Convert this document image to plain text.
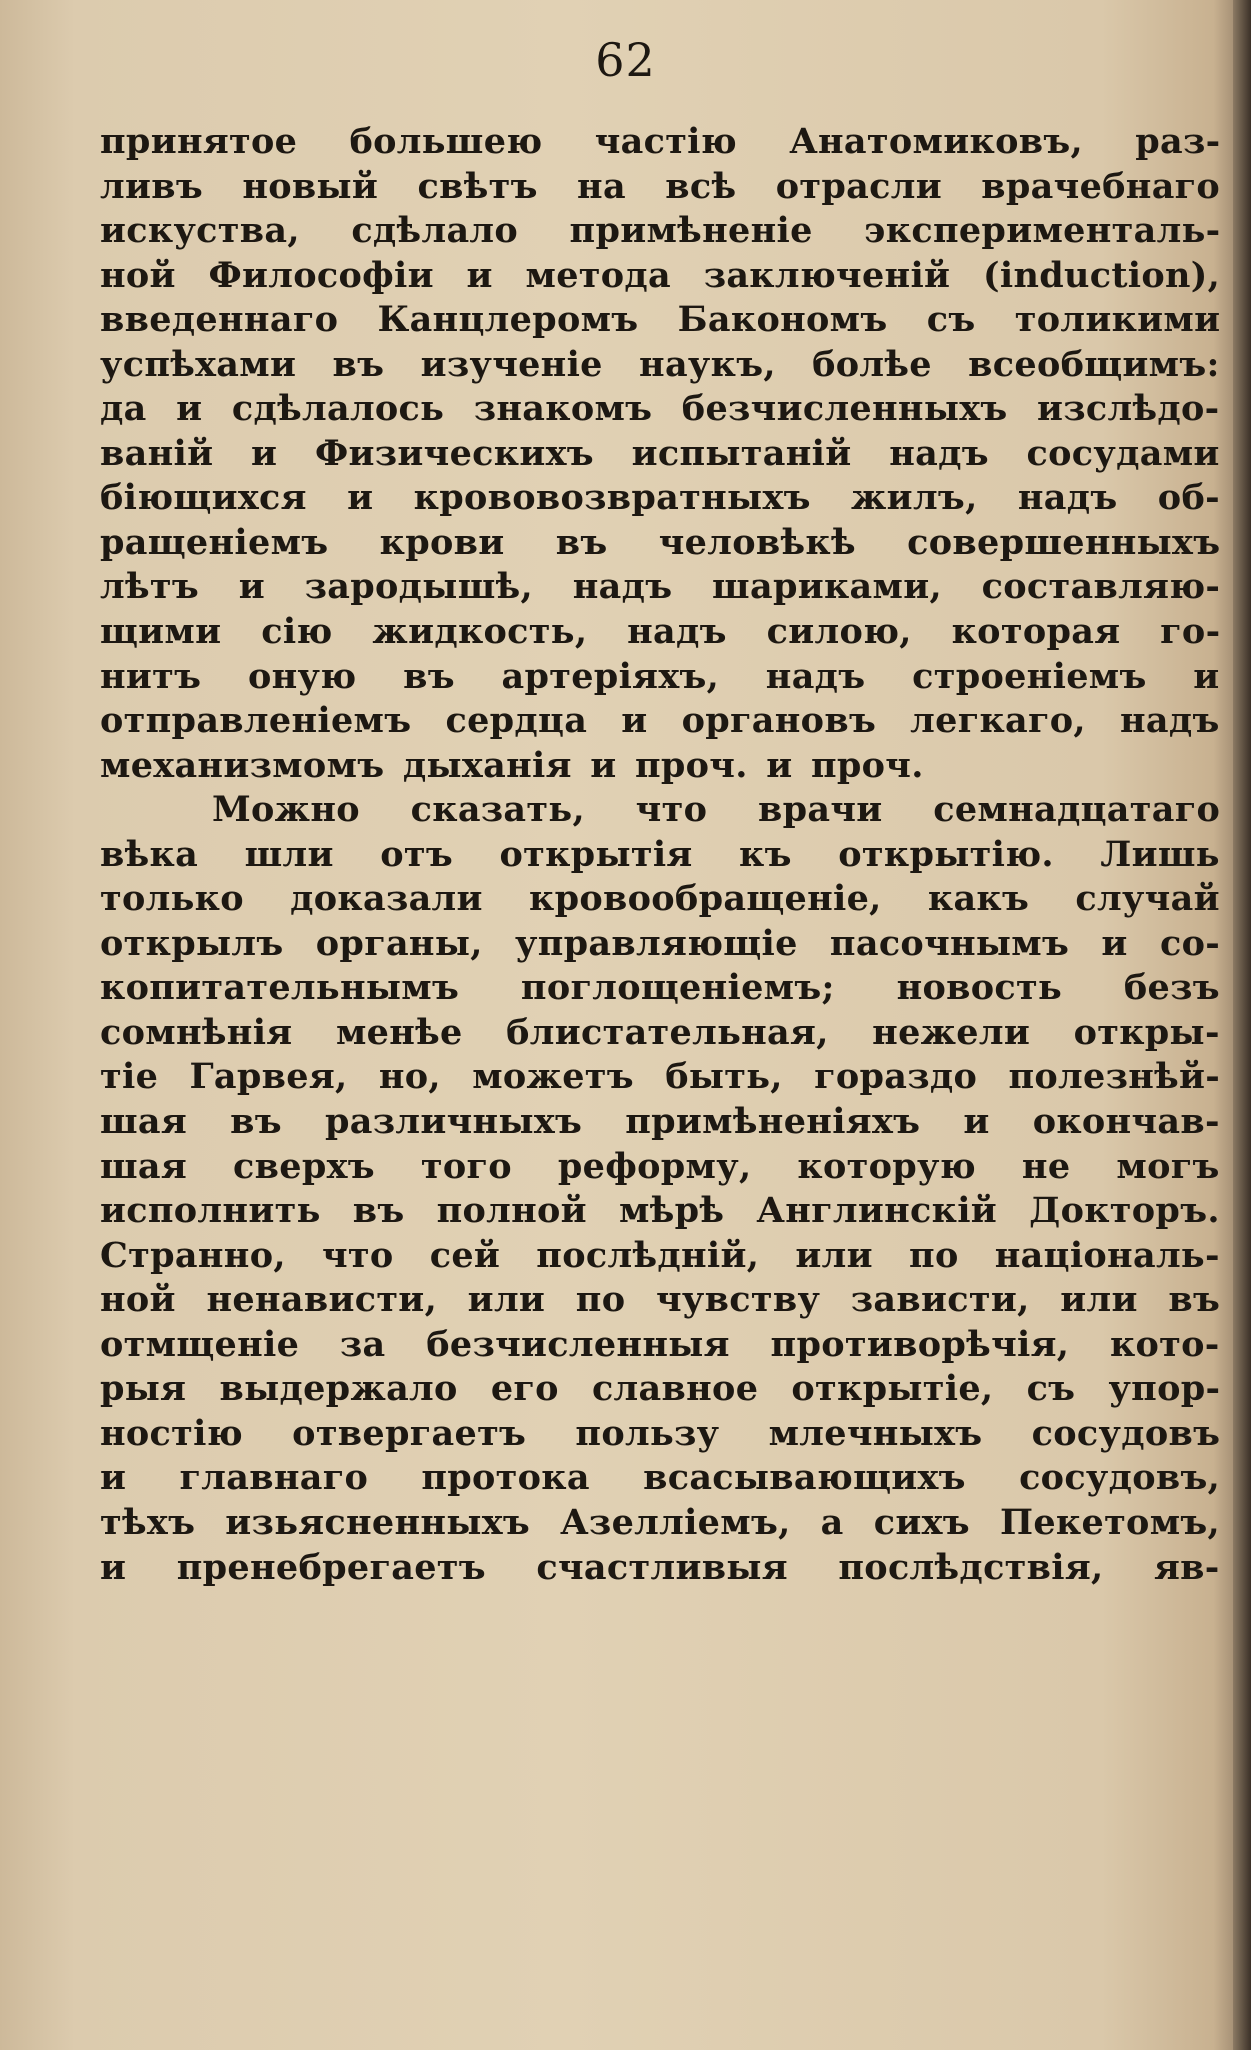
62
принятое большею частію Анатомиковъ, раз-
ливъ новый свѣтъ на всѣ отрасли врачебнаго
искуства, сдѣлало примѣненіе эксперименталь-
ной Философіи и метода заключеній (induction),
введеннаго Канцлеромъ Бакономъ съ толикими
успѣхами въ изученіе наукъ, болѣе всеобщимъ:
да и сдѣлалось знакомъ безчисленныхъ изслѣдо-
ваній и Физическихъ испытаній надъ сосудами
біющихся и крововозвратныхъ жилъ, надъ об-
ращеніемъ крови въ человѣкѣ совершенныхъ
лѣтъ и зародышѣ, надъ шариками, составляю-
щими сію жидкость, надъ силою, которая го-
нитъ оную въ артеріяхъ, надъ строеніемъ и
отправленіемъ сердца и органовъ легкаго, надъ
механизмомъ дыханія и проч. и проч.
Можно сказать, что врачи семнадцатаго
вѣка шли отъ открытія къ открытію. Лишь
только доказали кровообращеніе, какъ случай
открылъ органы, управляющіе пасочнымъ и со-
копитательнымъ поглощеніемъ; новость безъ
сомнѣнія менѣе блистательная, нежели откры-
тіе Гарвея, но, можетъ быть, гораздо полезнѣй-
шая въ различныхъ примѣненіяхъ и окончав-
шая сверхъ того реформу, которую не могъ
исполнить въ полной мѣрѣ Англинскій Докторъ.
Странно, что сей послѣдній, или по національ-
ной ненависти, или по чувству зависти, или въ
отмщеніе за безчисленныя противорѣчія, кото-
рыя выдержало его славное открытіе, съ упор-
ностію отвергаетъ пользу млечныхъ сосудовъ
и главнаго протока всасывающихъ сосудовъ,
тѣхъ изьясненныхъ Азелліемъ, а сихъ Пекетомъ,
и пренебрегаетъ счастливыя послѣдствія, яв-
